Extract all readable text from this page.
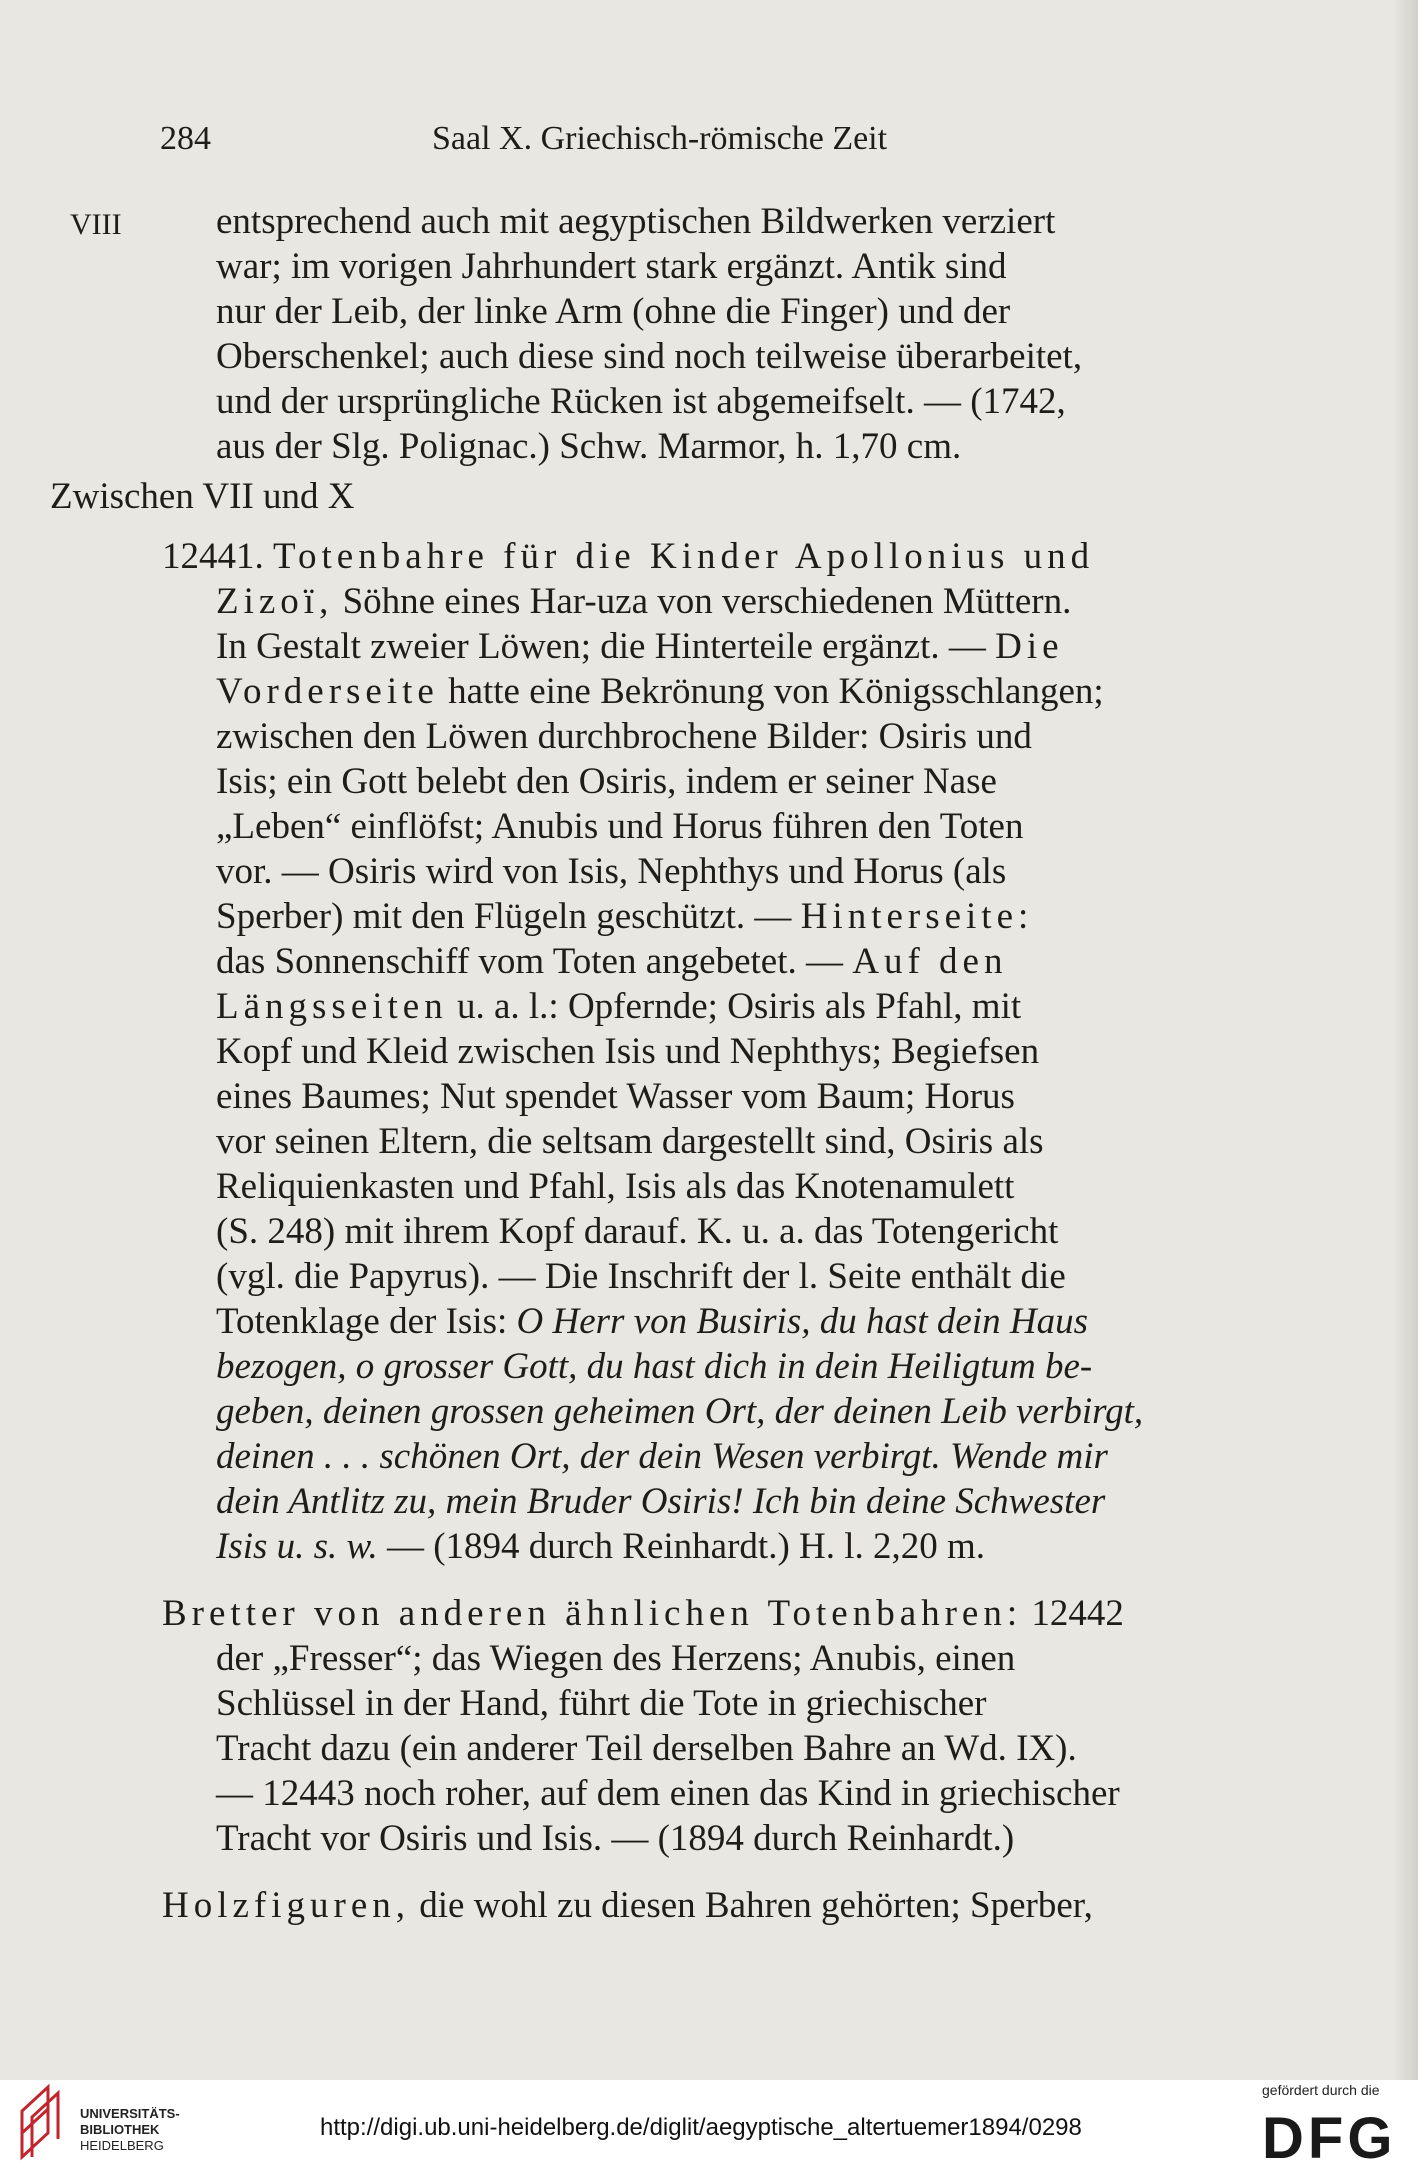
284	Saal X. Griechisch-römische Zeit
VIII	entsprechend auch mit aegyptischen Bildwerken verziert
war; im vorigen Jahrhundert stark ergänzt. Antik sind
nur der Leib, der linke Arm (ohne die Finger) und der
Oberschenkel; auch diese sind noch teilweise überarbeitet,
und der ursprüngliche Rücken ist abgemeifselt. — (1742,
aus der Slg. Polignac.) Schw. Marmor, h. 1,70 cm.
Zwischen VII und X
12441. Totenbahre für die Kinder Apollonius und
Zizoï, Söhne eines Har-uza von verschiedenen Müttern.
In Gestalt zweier Löwen; die Hinterteile ergänzt. — Die
Vorderseite hatte eine Bekrönung von Königsschlangen;
zwischen den Löwen durchbrochene Bilder: Osiris und
Isis; ein Gott belebt den Osiris, indem er seiner Nase
„Leben“ einflöfst; Anubis und Horus führen den Toten
vor. — Osiris wird von Isis, Nephthys und Horus (als
Sperber) mit den Flügeln geschützt. — Hinterseite:
das Sonnenschiff vom Toten angebetet. — Auf den
Längsseiten u. a. l.: Opfernde; Osiris als Pfahl, mit
Kopf und Kleid zwischen Isis und Nephthys; Begiefsen
eines Baumes; Nut spendet Wasser vom Baum; Horus
vor seinen Eltern, die seltsam dargestellt sind, Osiris als
Reliquienkasten und Pfahl, Isis als das Knotenamulett
(S. 248) mit ihrem Kopf darauf. K. u. a. das Totengericht
(vgl. die Papyrus). — Die Inschrift der l. Seite enthält die
Totenklage der Isis: O Herr von Busiris, du hast dein Haus
bezogen, o grosser Gott, du hast dich in dein Heiligtum be-
geben, deinen grossen geheimen Ort, der deinen Leib verbirgt,
deinen . . . schönen Ort, der dein Wesen verbirgt. Wende mir
dein Antlitz zu, mein Bruder Osiris! Ich bin deine Schwester
Isis u. s. w. — (1894 durch Reinhardt.) H. l. 2,20 m.
Bretter von anderen ähnlichen Totenbahren: 12442
der „Fresser“; das Wiegen des Herzens; Anubis, einen
Schlüssel in der Hand, führt die Tote in griechischer
Tracht dazu (ein anderer Teil derselben Bahre an Wd. IX).
— 12443 noch roher, auf dem einen das Kind in griechischer
Tracht vor Osiris und Isis. — (1894 durch Reinhardt.)
Holzfiguren, die wohl zu diesen Bahren gehörten; Sperber,
UNIVERSITÄTS-
BIBLIOTHEK
HEIDELBERG
http://digi.ub.uni-heidelberg.de/diglit/aegyptische_altertuemer1894/0298
gefördert durch die
DFG
